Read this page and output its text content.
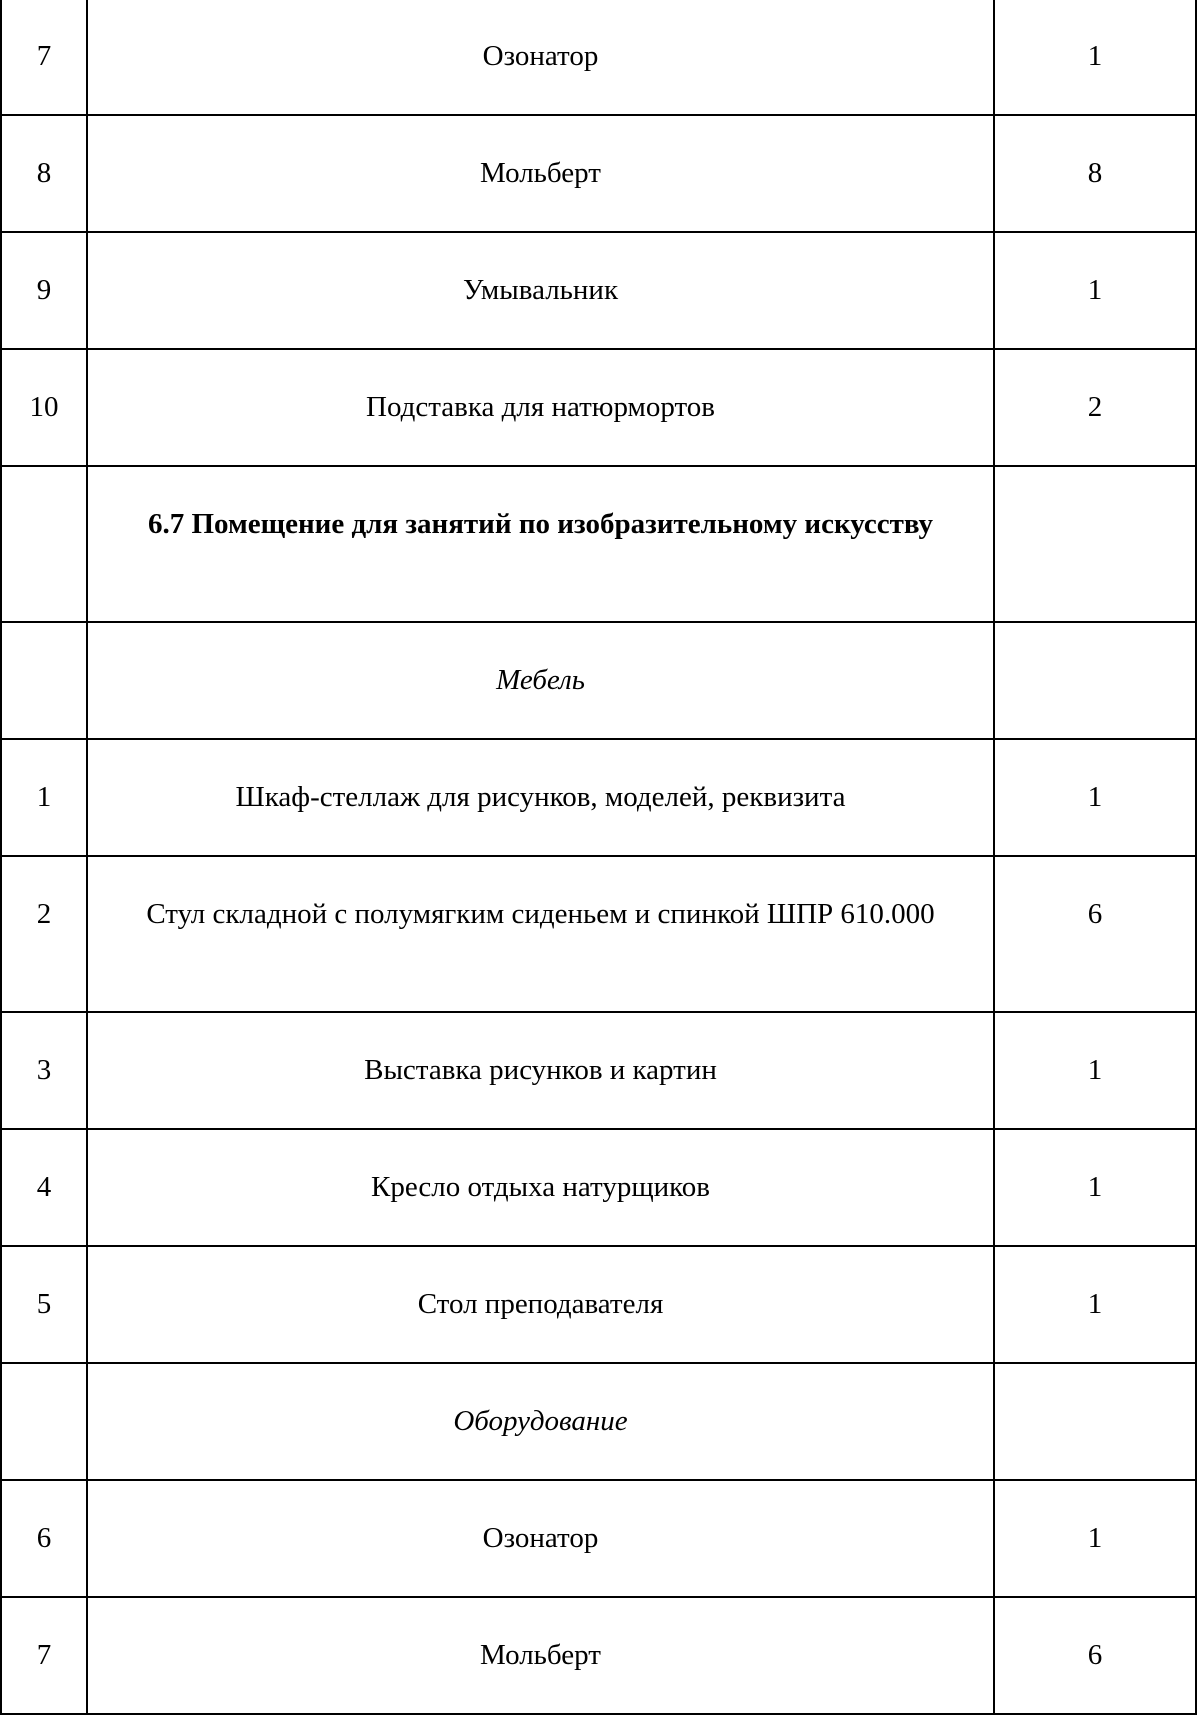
7	Озонатор	1
8	Мольберт	8
9	Умывальник	1
10	Подставка для натюрмортов	2
	6.7 Помещение для занятий по изобразительному искусству	
	Мебель	
1	Шкаф-стеллаж для рисунков, моделей, реквизита	1
2	Стул складной с полумягким сиденьем и спинкой ШПР 610.000	6
3	Выставка рисунков и картин	1
4	Кресло отдыха натурщиков	1
5	Стол преподавателя	1
	Оборудование	
6	Озонатор	1
7	Мольберт	6
